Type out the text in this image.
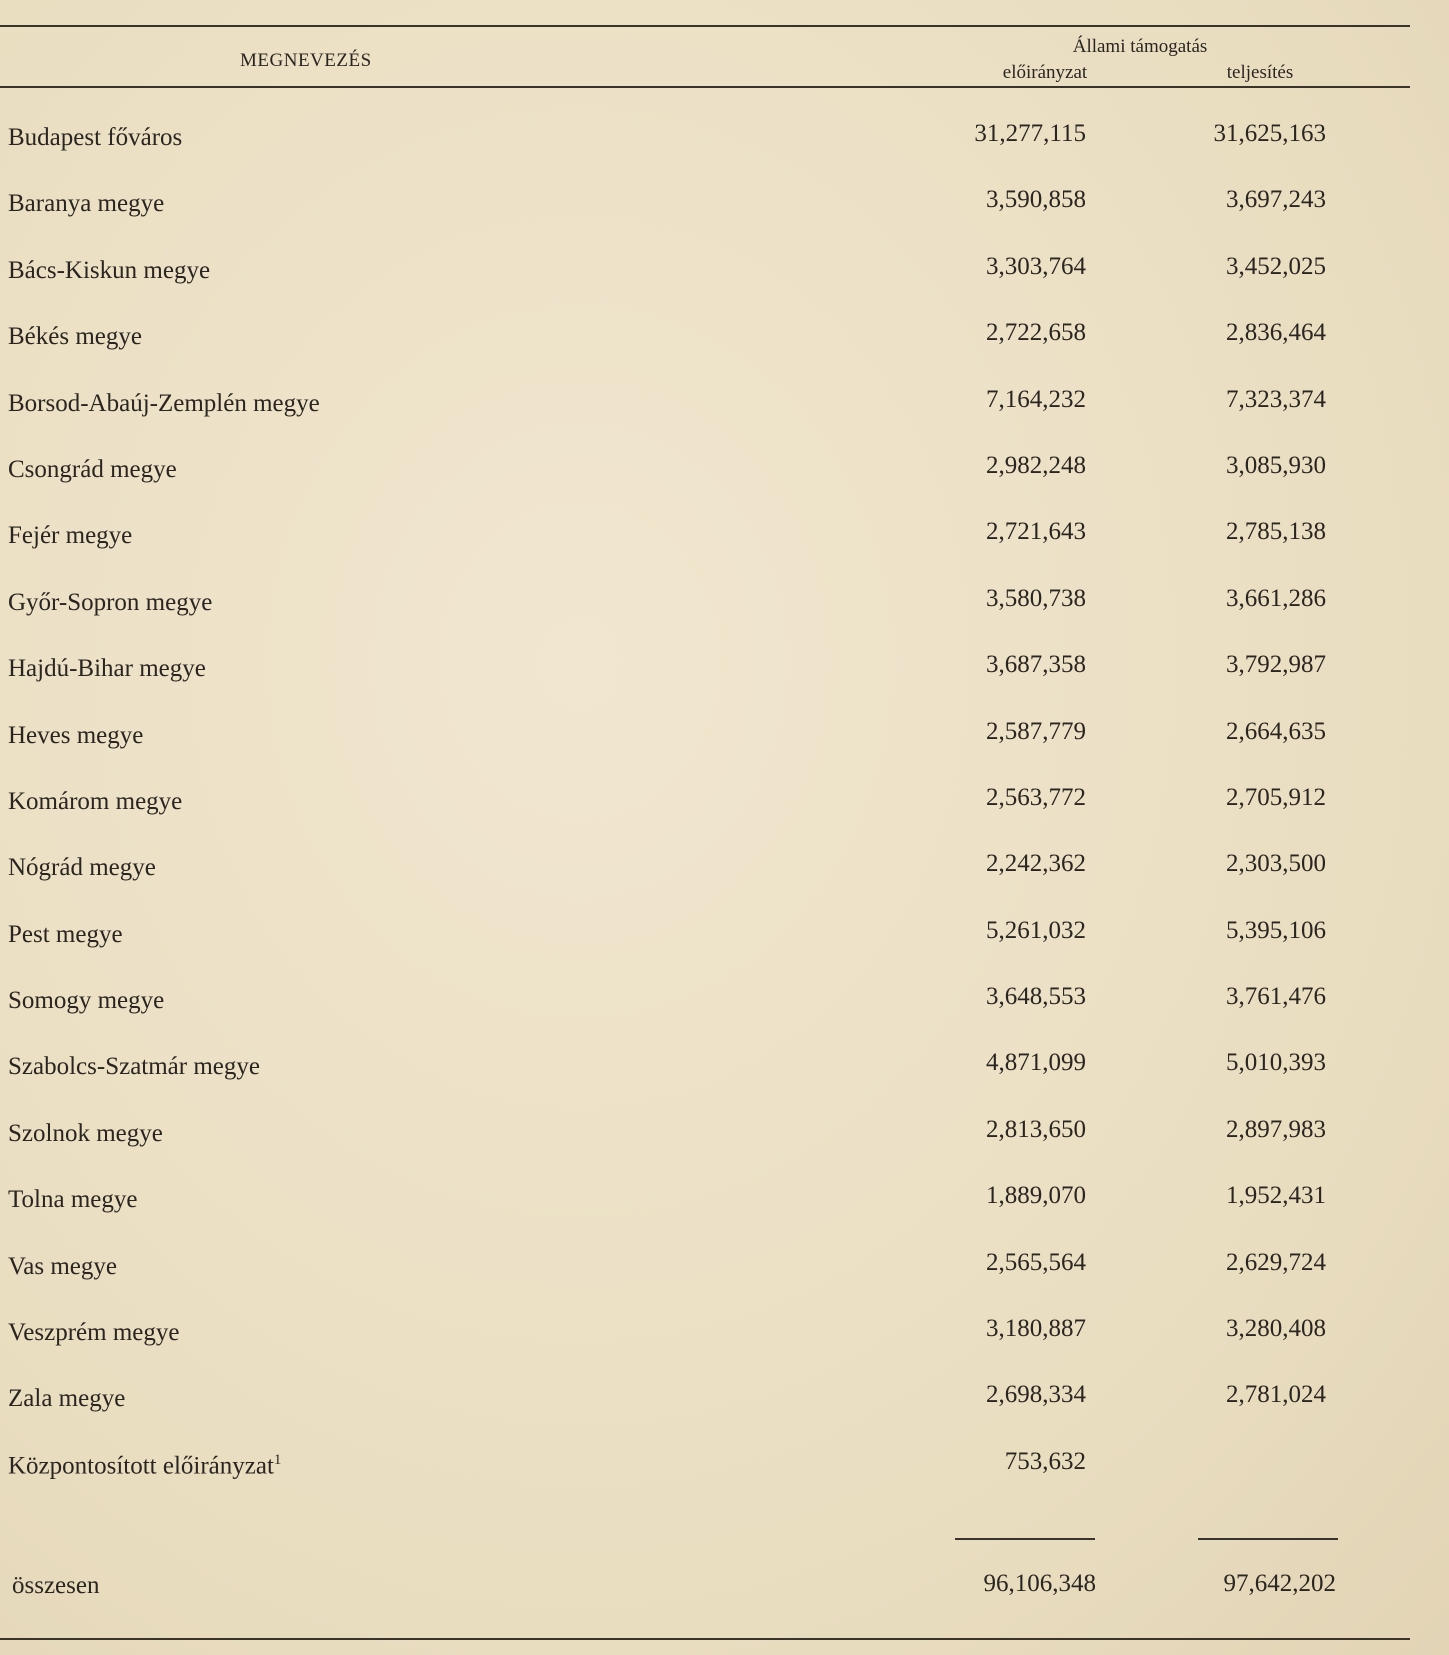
MEGNEVEZÉS
Állami támogatás
előirányzat	teljesítés
Budapest főváros	31,277,115	31,625,163
Baranya megye	3,590,858	3,697,243
Bács-Kiskun megye	3,303,764	3,452,025
Békés megye	2,722,658	2,836,464
Borsod-Abaúj-Zemplén megye	7,164,232	7,323,374
Csongrád megye	2,982,248	3,085,930
Fejér megye	2,721,643	2,785,138
Győr-Sopron megye	3,580,738	3,661,286
Hajdú-Bihar megye	3,687,358	3,792,987
Heves megye	2,587,779	2,664,635
Komárom megye	2,563,772	2,705,912
Nógrád megye	2,242,362	2,303,500
Pest megye	5,261,032	5,395,106
Somogy megye	3,648,553	3,761,476
Szabolcs-Szatmár megye	4,871,099	5,010,393
Szolnok megye	2,813,650	2,897,983
Tolna megye	1,889,070	1,952,431
Vas megye	2,565,564	2,629,724
Veszprém megye	3,180,887	3,280,408
Zala megye	2,698,334	2,781,024
Központosított előirányzat$^1$	753,632
összesen	96,106,348	97,642,202
